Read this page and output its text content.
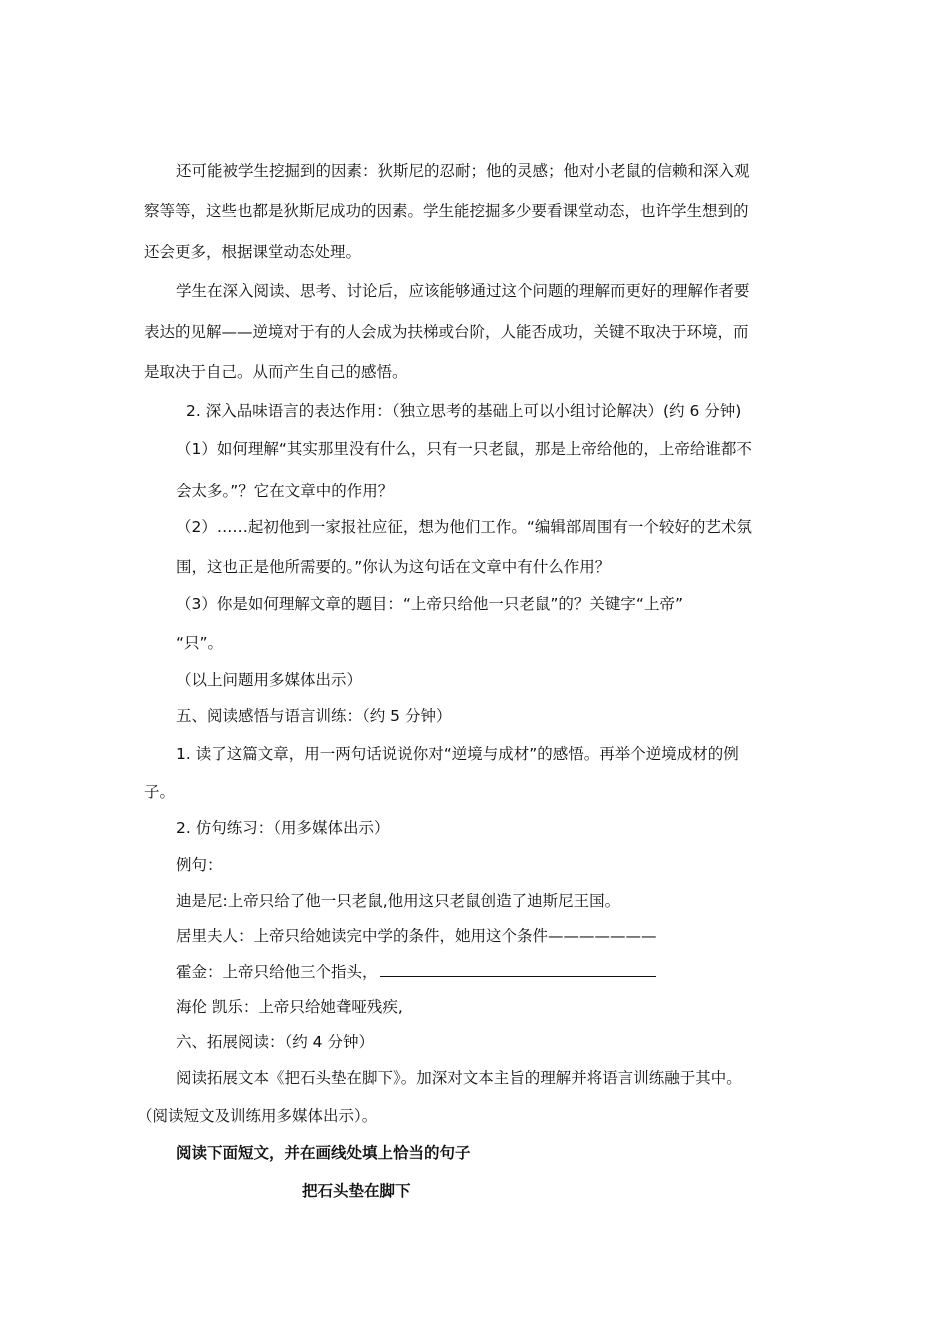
还可能被学生挖掘到的因素：狄斯尼的忍耐；他的灵感；他对小老鼠的信赖和深入观
察等等，这些也都是狄斯尼成功的因素。学生能挖掘多少要看课堂动态，也许学生想到的
还会更多，根据课堂动态处理。
学生在深入阅读、思考、讨论后，应该能够通过这个问题的理解而更好的理解作者要
表达的见解——逆境对于有的人会成为扶梯或台阶，人能否成功，关键不取决于环境，而
是取决于自己。从而产生自己的感悟。
2. 深入品味语言的表达作用：（独立思考的基础上可以小组讨论解决）(约 6 分钟)
（1）如何理解“其实那里没有什么，只有一只老鼠，那是上帝给他的，上帝给谁都不
会太多。”？它在文章中的作用？
（2）……起初他到一家报社应征，想为他们工作。“编辑部周围有一个较好的艺术氛
围，这也正是他所需要的。”你认为这句话在文章中有什么作用？
（3）你是如何理解文章的题目：“上帝只给他一只老鼠”的？关键字“上帝”
“只”。
（以上问题用多媒体出示）
五、阅读感悟与语言训练：（约 5 分钟）
1. 读了这篇文章，用一两句话说说你对“逆境与成材”的感悟。再举个逆境成材的例
子。
2. 仿句练习：（用多媒体出示）
例句：
迪是尼:上帝只给了他一只老鼠,他用这只老鼠创造了迪斯尼王国。
居里夫人：上帝只给她读完中学的条件，她用这个条件———————
霍金：上帝只给他三个指头，
海伦 凯乐：上帝只给她聋哑残疾,
六、拓展阅读：（约 4 分钟）
阅读拓展文本《把石头垫在脚下》。加深对文本主旨的理解并将语言训练融于其中。
（阅读短文及训练用多媒体出示）。
阅读下面短文，并在画线处填上恰当的句子
把石头垫在脚下
